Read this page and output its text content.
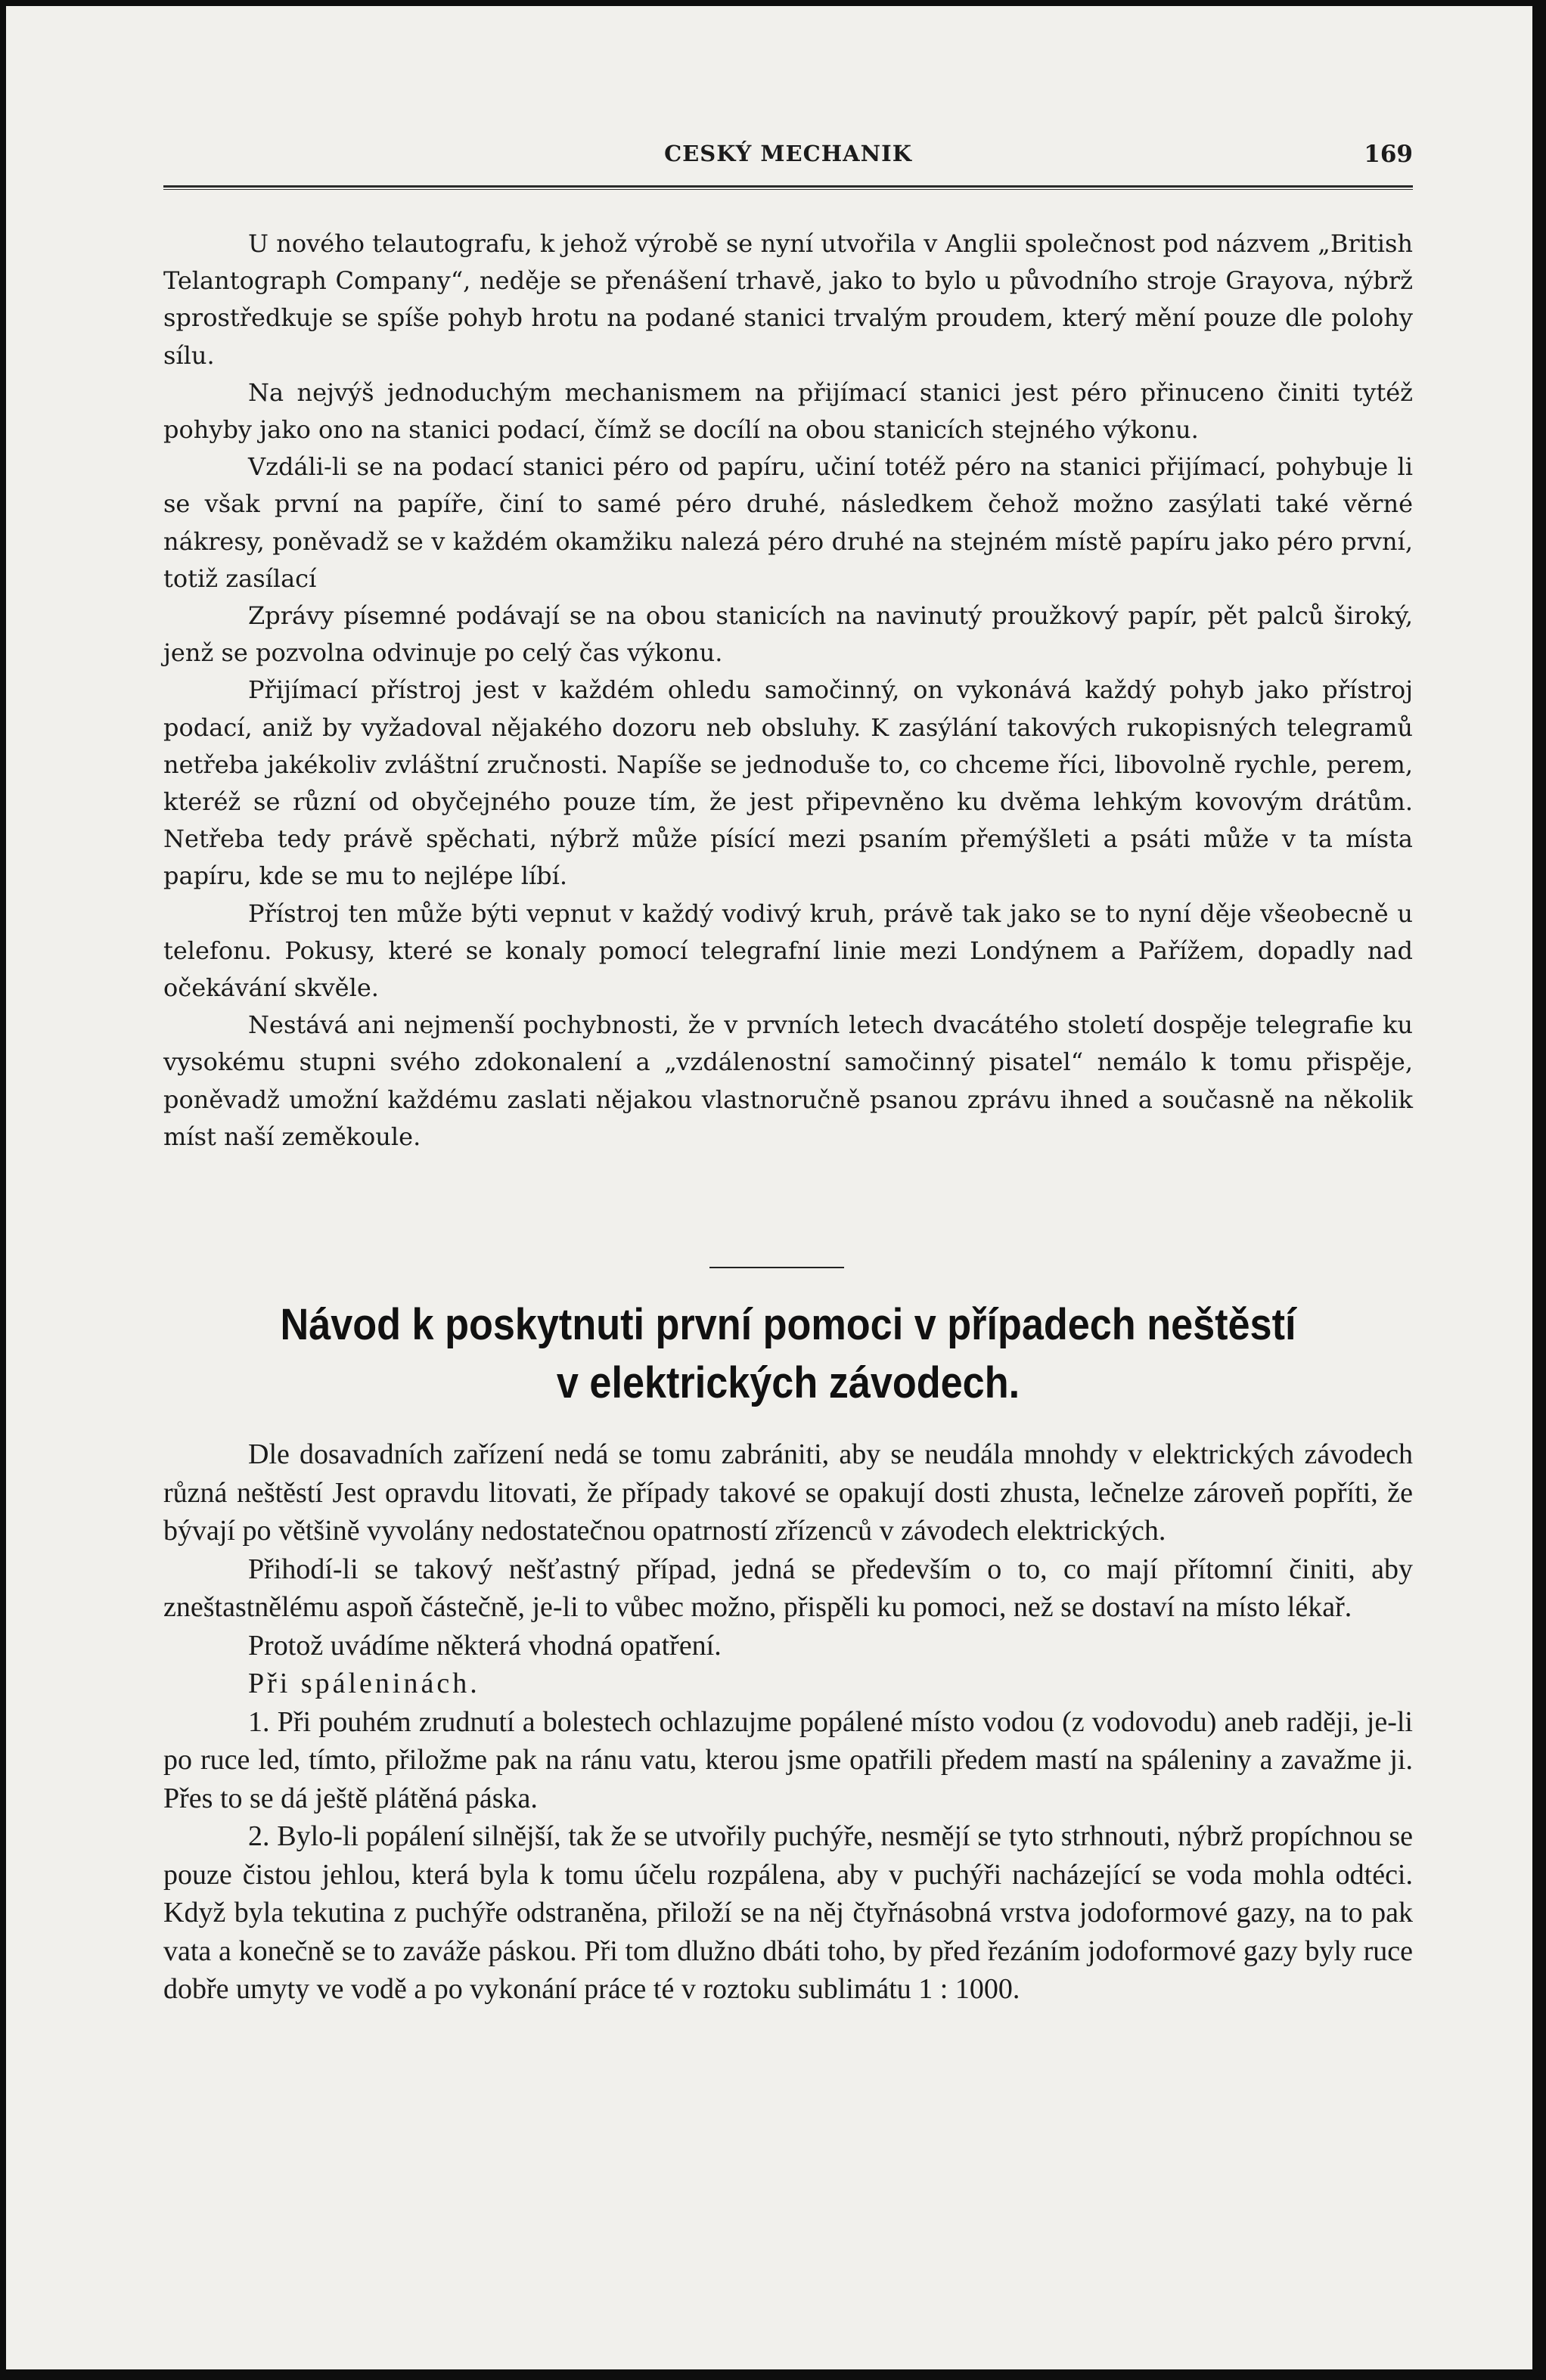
CESKÝ MECHANIK	169

U nového telautografu, k jehož výrobě se nyní utvořila v Anglii společnost pod názvem „British Telantograph Company“, neděje se přenášení trhavě, jako to bylo u původního stroje Grayova, nýbrž sprostředkuje se spíše pohyb hrotu na podané stanici trvalým proudem, který mění pouze dle polohy sílu.

Na nejvýš jednoduchým mechanismem na přijímací stanici jest péro přinuceno činiti tytéž pohyby jako ono na stanici podací, čímž se docílí na obou stanicích stejného výkonu.

Vzdáli-li se na podací stanici péro od papíru, učiní totéž péro na stanici přijímací, pohybuje li se však první na papíře, činí to samé péro druhé, následkem čehož možno zasýlati také věrné nákresy, poněvadž se v každém okamžiku nalezá péro druhé na stejném místě papíru jako péro první, totiž zasílací

Zprávy písemné podávají se na obou stanicích na navinutý proužkový papír, pět palců široký, jenž se pozvolna odvinuje po celý čas výkonu.

Přijímací přístroj jest v každém ohledu samočinný, on vykonává každý pohyb jako přístroj podací, aniž by vyžadoval nějakého dozoru neb obsluhy. K zasýlání takových rukopisných telegramů netřeba jakékoliv zvláštní zručnosti. Napíše se jednoduše to, co chceme říci, libovolně rychle, perem, kteréž se různí od obyčejného pouze tím, že jest připevněno ku dvěma lehkým kovovým drátům. Netřeba tedy právě spěchati, nýbrž může písící mezi psaním přemýšleti a psáti může v ta místa papíru, kde se mu to nejlépe líbí.

Přístroj ten může býti vepnut v každý vodivý kruh, právě tak jako se to nyní děje všeobecně u telefonu. Pokusy, které se konaly pomocí telegrafní linie mezi Londýnem a Pařížem, dopadly nad očekávání skvěle.

Nestává ani nejmenší pochybnosti, že v prvních letech dvacátého století dospěje telegrafie ku vysokému stupni svého zdokonalení a „vzdálenostní samočinný pisatel“ nemálo k tomu přispěje, poněvadž umožní každému zaslati nějakou vlastnoručně psanou zprávu ihned a současně na několik míst naší zeměkoule.

Návod k poskytnuti první pomoci v případech neštěstí
v elektrických závodech.

Dle dosavadních zařízení nedá se tomu zabrániti, aby se neudála mnohdy v elektrických závodech různá neštěstí Jest opravdu litovati, že případy takové se opakují dosti zhusta, lečnelze zároveň popříti, že bývají po většině vyvolány nedostatečnou opatrností zřízenců v závodech elektrických.

Přihodí-li se takový nešťastný případ, jedná se především o to, co mají přítomní činiti, aby zneštastnělému aspoň částečně, je-li to vůbec možno, přispěli ku pomoci, než se dostaví na místo lékař.

Protož uvádíme některá vhodná opatření.

Při spáleninách.

1. Při pouhém zrudnutí a bolestech ochlazujme popálené místo vodou (z vodovodu) aneb raději, je-li po ruce led, tímto, přiložme pak na ránu vatu, kterou jsme opatřili předem mastí na spáleniny a zavažme ji. Přes to se dá ještě plátěná páska.

2. Bylo-li popálení silnější, tak že se utvořily puchýře, nesmějí se tyto strhnouti, nýbrž propíchnou se pouze čistou jehlou, která byla k tomu účelu rozpálena, aby v puchýři nacházející se voda mohla odtéci. Když byla tekutina z puchýře odstraněna, přiloží se na něj čtyřnásobná vrstva jodoformové gazy, na to pak vata a konečně se to zaváže páskou. Při tom dlužno dbáti toho, by před řezáním jodoformové gazy byly ruce dobře umyty ve vodě a po vykonání práce té v roztoku sublimátu 1 : 1000.
